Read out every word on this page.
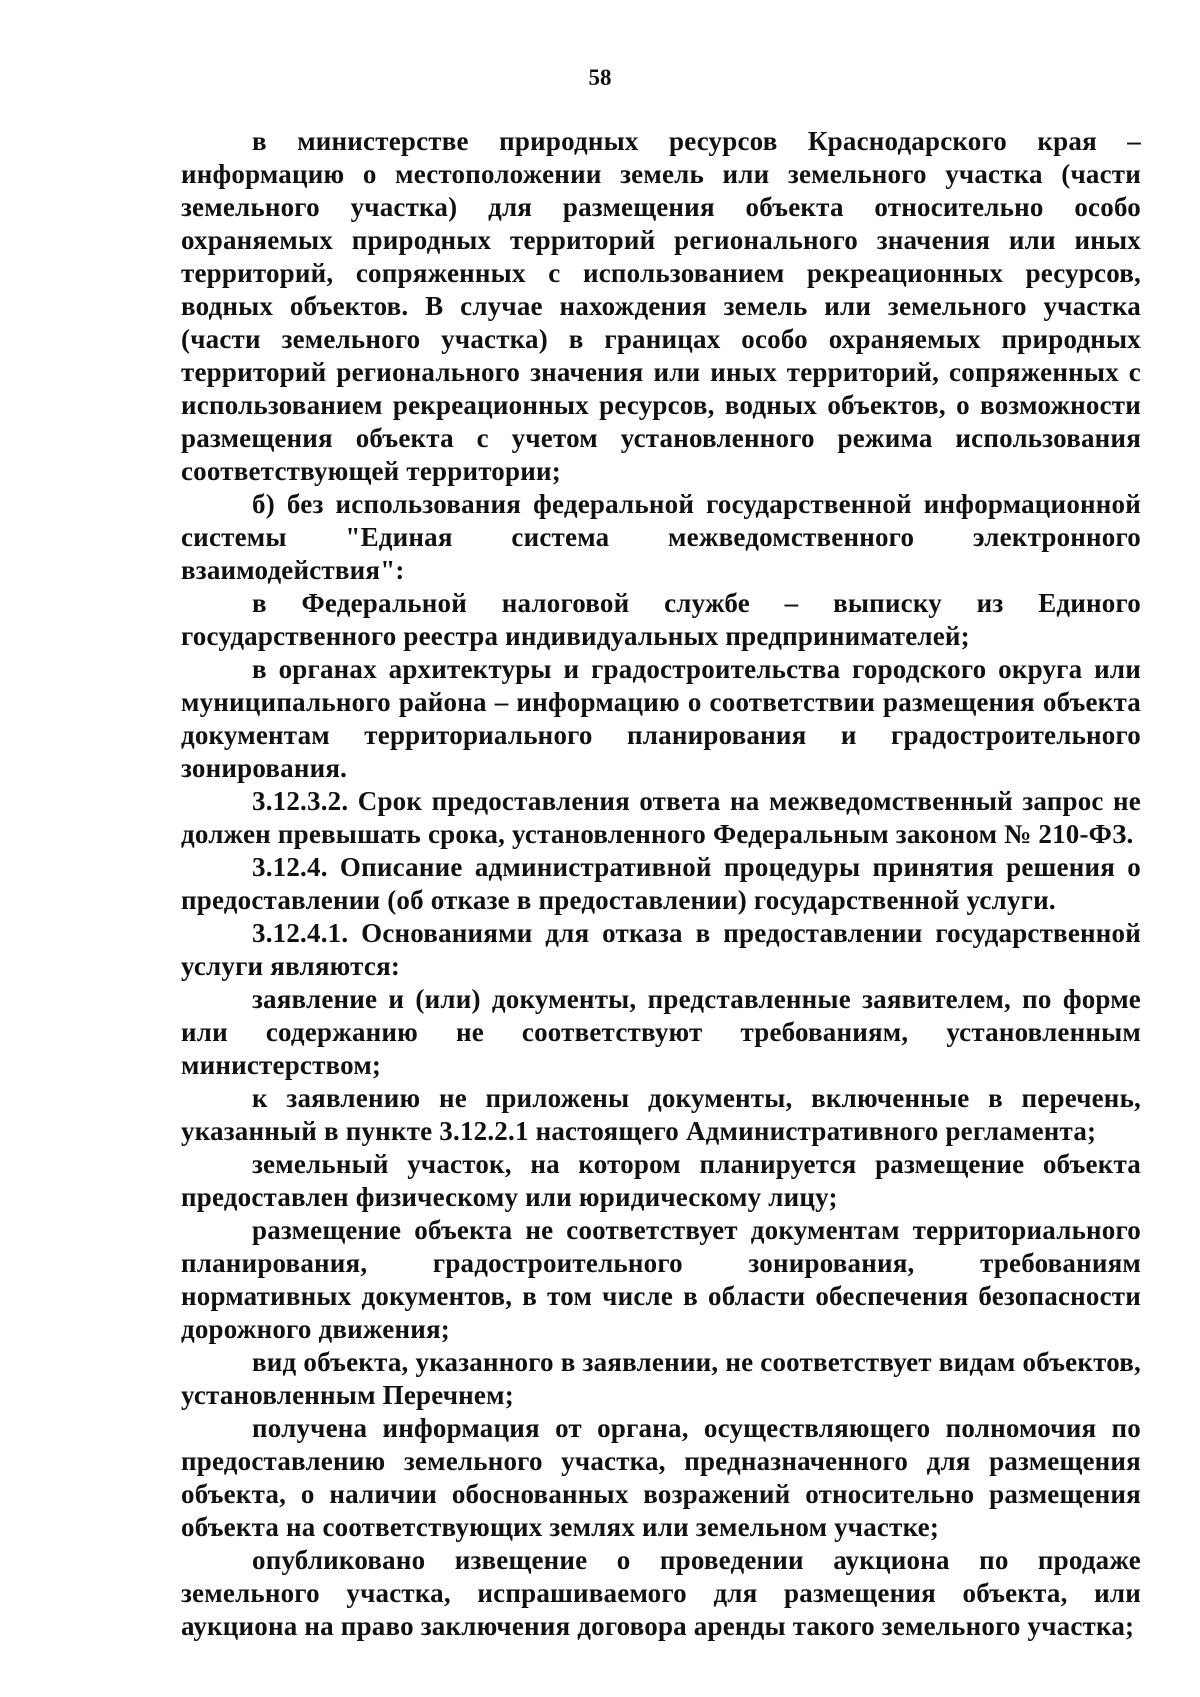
58

в министерстве природных ресурсов Краснодарского края – информацию о местоположении земель или земельного участка (части земельного участка) для размещения объекта относительно особо охраняемых природных территорий регионального значения или иных территорий, сопряженных с использованием рекреационных ресурсов, водных объектов. В случае нахождения земель или земельного участка (части земельного участка) в границах особо охраняемых природных территорий регионального значения или иных территорий, сопряженных с использованием рекреационных ресурсов, водных объектов, о возможности размещения объекта с учетом установленного режима использования соответствующей территории;

б) без использования федеральной государственной информационной системы "Единая система межведомственного электронного взаимодействия":

в Федеральной налоговой службе – выписку из Единого государственного реестра индивидуальных предпринимателей;

в органах архитектуры и градостроительства городского округа или муниципального района – информацию о соответствии размещения объекта документам территориального планирования и градостроительного зонирования.

3.12.3.2. Срок предоставления ответа на межведомственный запрос не должен превышать срока, установленного Федеральным законом № 210-ФЗ.

3.12.4. Описание административной процедуры принятия решения о предоставлении (об отказе в предоставлении) государственной услуги.

3.12.4.1. Основаниями для отказа в предоставлении государственной услуги являются:

заявление и (или) документы, представленные заявителем, по форме или содержанию не соответствуют требованиям, установленным министерством;

к заявлению не приложены документы, включенные в перечень, указанный в пункте 3.12.2.1 настоящего Административного регламента;

земельный участок, на котором планируется размещение объекта предоставлен физическому или юридическому лицу;

размещение объекта не соответствует документам территориального планирования, градостроительного зонирования, требованиям нормативных документов, в том числе в области обеспечения безопасности дорожного движения;

вид объекта, указанного в заявлении, не соответствует видам объектов, установленным Перечнем;

получена информация от органа, осуществляющего полномочия по предоставлению земельного участка, предназначенного для размещения объекта, о наличии обоснованных возражений относительно размещения объекта на соответствующих землях или земельном участке;

опубликовано извещение о проведении аукциона по продаже земельного участка, испрашиваемого для размещения объекта, или аукциона на право заключения договора аренды такого земельного участка;
